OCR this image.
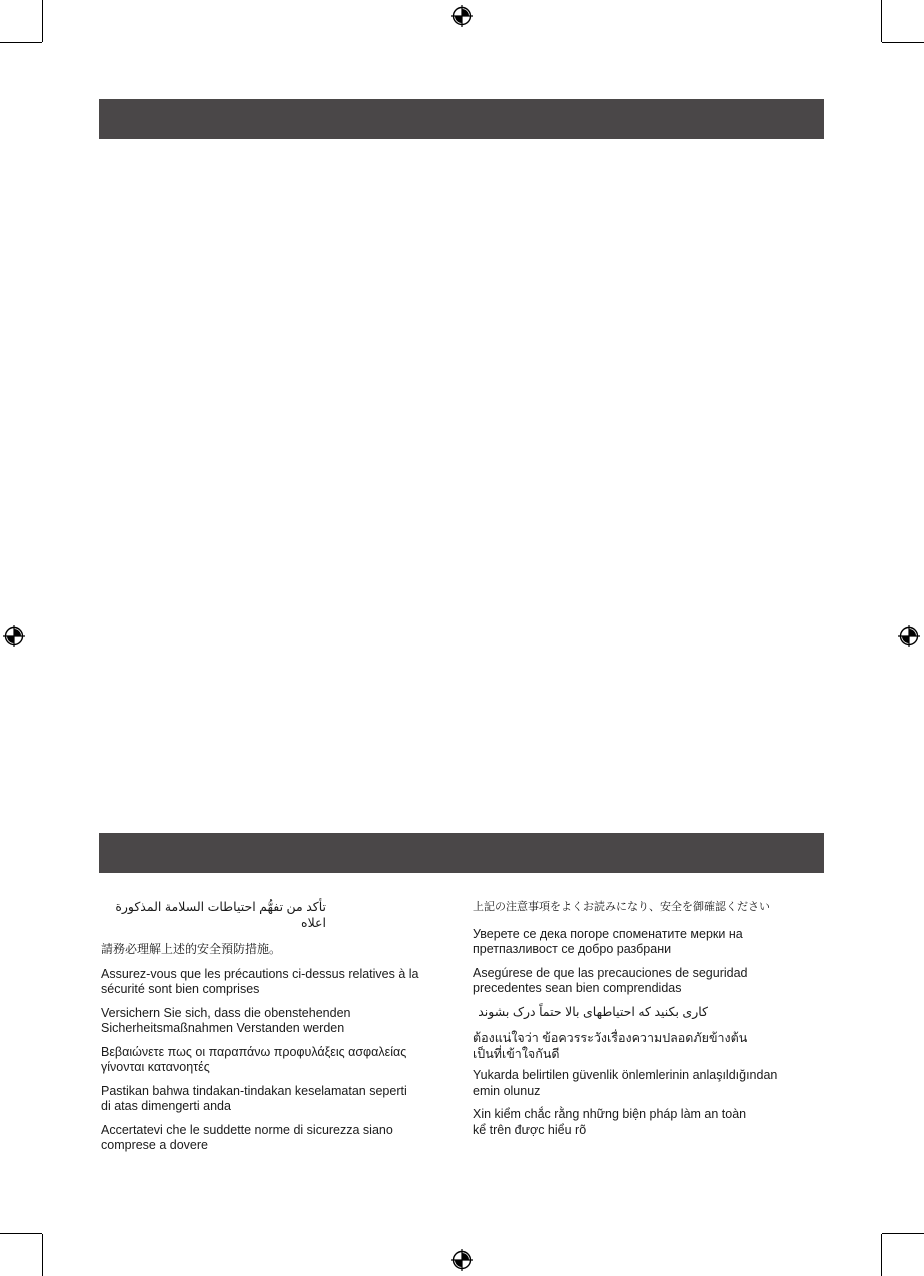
تأكد من تفهُّم احتياطات السلامة المذكورة اعلاه

請務必理解上述的安全預防措施。

Assurez-vous que les précautions ci-dessus relatives à la
sécurité sont bien comprises

Versichern Sie sich, dass die obenstehenden
Sicherheitsmaßnahmen Verstanden werden

Βεβαιώνετε πως οι παραπάνω προφυλάξεις ασφαλείας
γίνονται κατανοητές

Pastikan bahwa tindakan-tindakan keselamatan seperti
di atas dimengerti anda

Accertatevi che le suddette norme di sicurezza siano
comprese a dovere

上記の注意事項をよくお読みになり、安全を御確認ください

Уверете се дека погоре споменатите мерки на
претпазливост се добро разбрани

Asegúrese de que las precauciones de seguridad
precedentes sean bien comprendidas

کاری بکنید که احتیاطهای بالا حتماً درک بشوند

ต้องแน่ใจว่า ข้อควรระวังเรื่องความปลอดภัยข้างต้น
เป็นที่เข้าใจกันดี

Yukarda belirtilen güvenlik önlemlerinin anlaşıldığından
emin olunuz

Xin kiểm chắc rằng những biện pháp làm an toàn
kể trên được hiểu rõ
